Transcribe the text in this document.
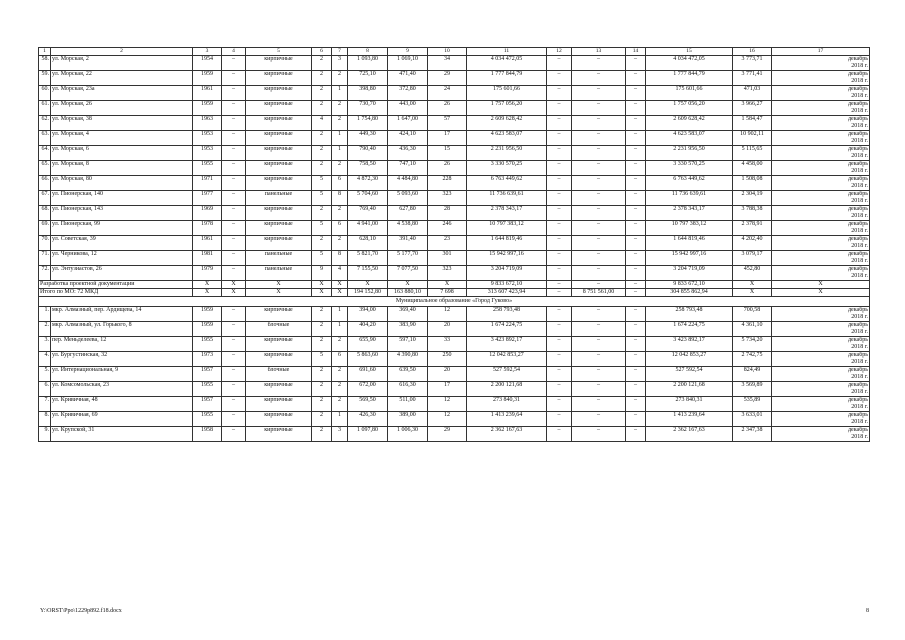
1	2	3	4	5	6	7	8	9	10	11	12	13	14	15	16	17
58.	ул. Морская, 2	1954	–	кирпичные	2	3	1 093,80	1 069,10	34	4 034 472,05	–	–	–	4 034 472,05	3 773,71	декабрь
2018 г.

59.	ул. Морская, 22	1959	–	кирпичные	2	2	725,10	471,40	29	1 777 844,79	–	–	–	1 777 844,79	3 771,41	декабрь
2018 г.

60.	ул. Морская, 23а	1961	–	кирпичные	2	1	398,80	372,80	24	175 601,66	–	–	–	175 601,66	471,03	декабрь
2018 г.

61.	ул. Морская, 26	1959	–	кирпичные	2	2	730,70	443,00	26	1 757 056,20	–	–	–	1 757 056,20	3 966,27	декабрь
2018 г.

62.	ул. Морская, 38	1963	–	кирпичные	4	2	1 754,80	1 647,00	57	2 609 628,42	–	–	–	2 609 628,42	1 584,47	декабрь
2018 г.

63.	ул. Морская, 4	1953	–	кирпичные	2	1	449,30	424,10	17	4 623 583,07	–	–	–	4 623 583,07	10 902,11	декабрь
2018 г.

64.	ул. Морская, 6	1953	–	кирпичные	2	1	790,40	436,30	15	2 231 956,50	–	–	–	2 231 956,50	5 115,65	декабрь
2018 г.

65.	ул. Морская, 8	1955	–	кирпичные	2	2	758,50	747,10	26	3 330 570,25	–	–	–	3 330 570,25	4 458,00	декабрь
2018 г.

66.	ул. Морская, 80	1971	–	кирпичные	5	6	4 872,30	4 484,80	228	6 763 449,62	–	–	–	6 763 449,62	1 508,08	декабрь
2018 г.

67.	ул. Пионерская, 140	1977	–	панельные	5	8	5 704,60	5 093,60	323	11 736 639,61	–	–	–	11 736 639,61	2 304,19	декабрь
2018 г.

68.	ул. Пионерская, 143	1969	–	кирпичные	2	2	769,40	627,80	28	2 378 343,17	–	–	–	2 378 343,17	3 788,38	декабрь
2018 г.

69.	ул. Пионерская, 99	1978	–	кирпичные	5	6	4 941,00	4 538,80	246	10 797 383,12	–	–	–	10 797 383,12	2 378,91	декабрь
2018 г.

70.	ул. Советская, 39	1961	–	кирпичные	2	2	628,10	391,40	23	1 644 819,46	–	–	–	1 644 819,46	4 202,40	декабрь
2018 г.

71.	ул. Черникова, 12	1981	–	панельные	5	8	5 821,70	5 177,70	301	15 942 997,16	–	–	–	15 942 997,16	3 079,17	декабрь
2018 г.

72.	ул. Энтузиастов, 26	1979	–	панельные	9	4	7 155,50	7 077,50	323	3 204 719,09	–	–	–	3 204 719,09	452,80	декабрь
2018 г.

Разработка проектной документации		X	X	X	X	X	X	X	X	9 833 672,10	–	–	–	9 833 672,10	X	X
Итого по МО: 72 МКД		X	X	X	X	X	194 152,80	163 880,10	7 698	313 607 423,94	–	8 751 561,00	–	304 855 862,94	X	X
Муниципальное образование «Город Гуково»																
1.	мкр. Алмазный, пер. Ардищева, 14	1959	–	кирпичные	2	1	394,00	369,40	12	258 793,48	–	–	–	258 793,48	700,58	декабрь
2018 г.

2.	мкр. Алмазный, ул. Горького, 8	1959	–	блочные	2	1	404,20	383,90	20	1 674 224,75	–	–	–	1 674 224,75	4 361,10	декабрь
2018 г.

3.	пер. Меньделеева, 12	1955	–	кирпичные	2	2	655,90	597,10	33	3 423 892,17	–	–	–	3 423 892,17	5 734,20	декабрь
2018 г.

4.	ул. Бургустинская, 32	1973	–	кирпичные	5	6	5 863,60	4 390,80	250	12 042 853,27	–	–	–	12 042 853,27	2 742,75	декабрь
2018 г.

5.	ул. Интернациональная, 9	1957	–	блочные	2	2	691,60	639,50	20	527 592,54	–	–	–	527 592,54	824,49	декабрь
2018 г.

6.	ул. Комсомольская, 23	1955	–	кирпичные	2	2	672,00	616,30	17	2 200 121,68	–	–	–	2 200 121,68	3 569,89	декабрь
2018 г.

7.	ул. Кривичная, 48	1957	–	кирпичные	2	2	569,50	511,00	12	273 840,31	–	–	–	273 840,31	535,89	декабрь
2018 г.

8.	ул. Кривичная, 69	1955	–	кирпичные	2	1	426,30	389,00	12	1 413 239,64	–	–	–	1 413 239,64	3 633,01	декабрь
2018 г.

9.	ул. Крупской, 31	1958	–	кирпичные	2	3	1 097,80	1 006,30	29	2 362 167,63	–	–	–	2 362 167,63	2 347,38	декабрь
2018 г.
Y:\ORST\Ppo\1229p892.f18.docx	8
